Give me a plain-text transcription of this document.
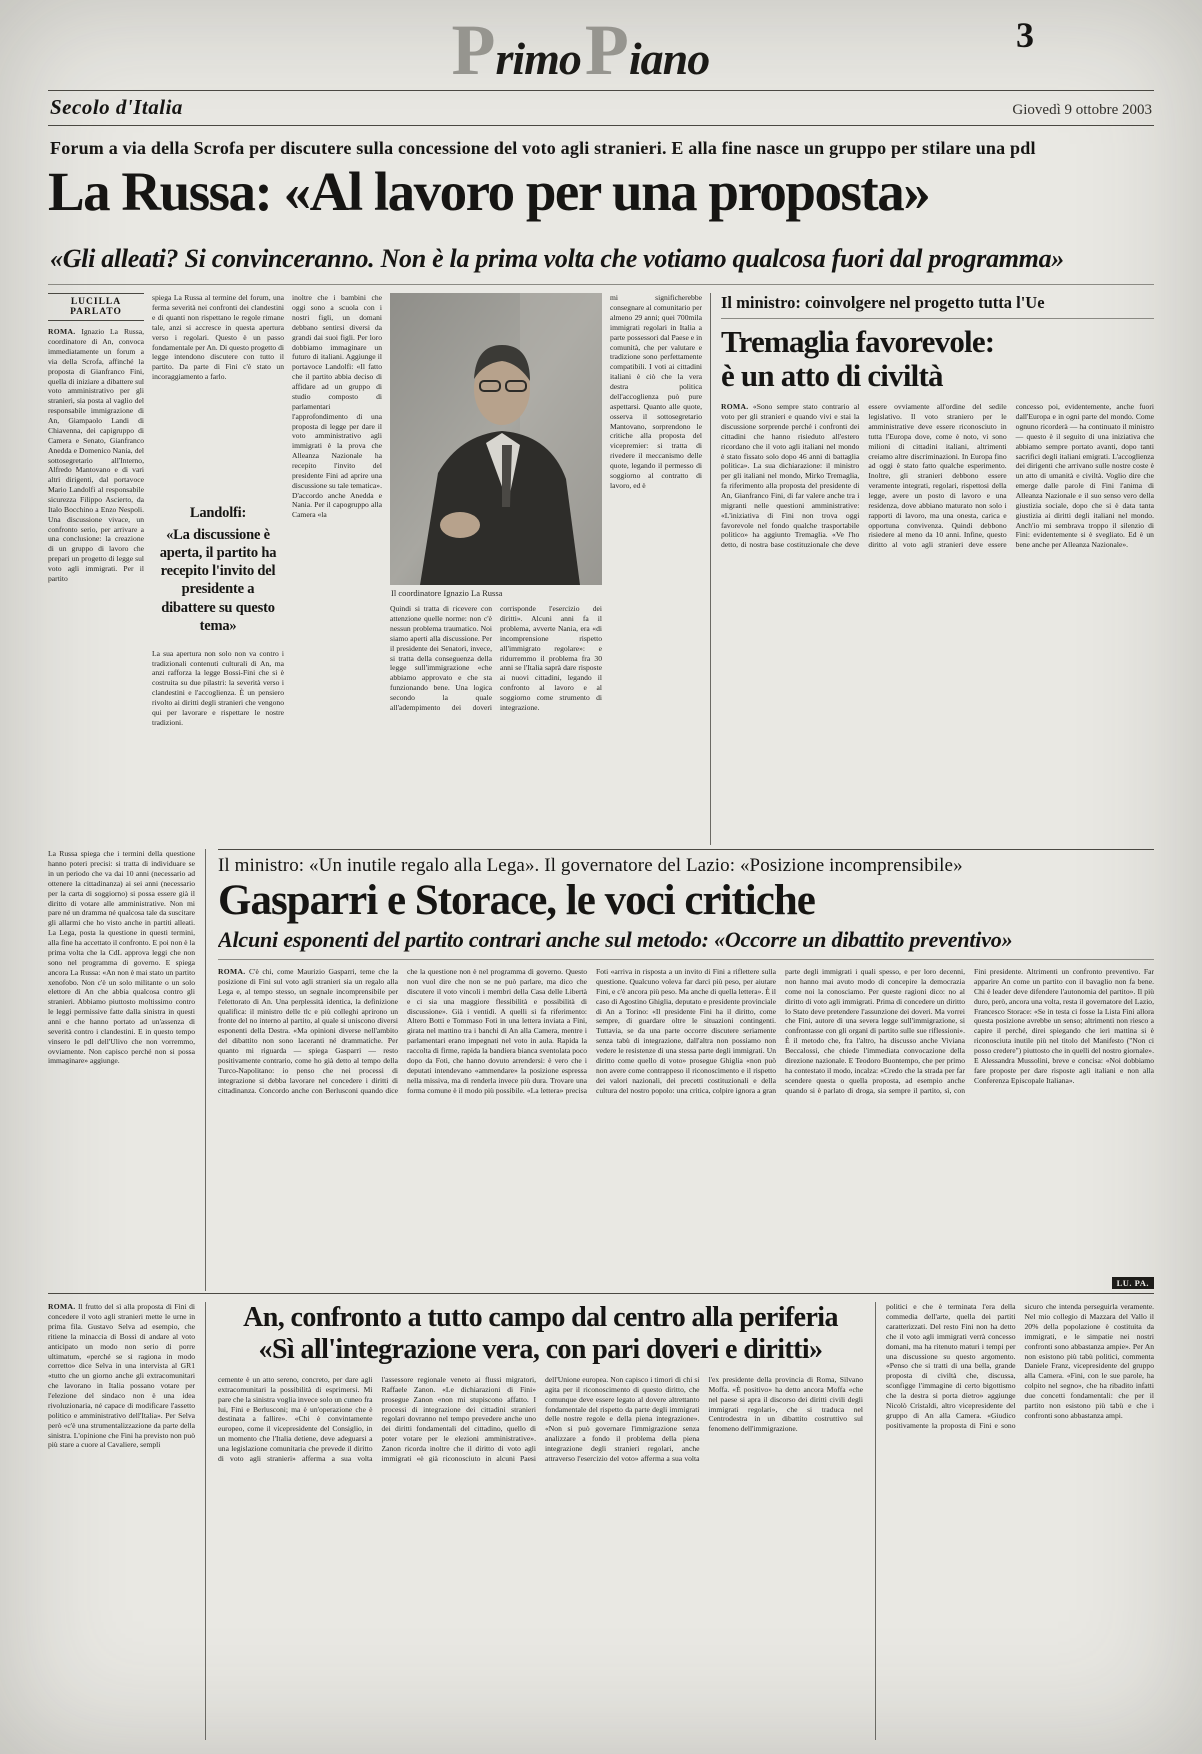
Primo Piano	3
Secolo d'Italia	Giovedì 9 ottobre 2003
Forum a via della Scrofa per discutere sulla concessione del voto agli stranieri. E alla fine nasce un gruppo per stilare una pdl
La Russa: «Al lavoro per una proposta»
«Gli alleati? Si convinceranno. Non è la prima volta che votiamo qualcosa fuori dal programma»
LUCILLA PARLATO
ROMA. Ignazio La Russa, coordinatore di An, convoca immediatamente un forum a via della Scrofa, affinché la proposta di Gianfranco Fini, quella di iniziare a dibattere sul voto amministrativo per gli stranieri, sia posta al vaglio del responsabile immigrazione di An, Giampaolo Landi di Chiavenna, dei capigruppo di Camera e Senato, Gianfranco Anedda e Domenico Nania, del sottosegretario all'Interno, Alfredo Mantovano e di vari altri dirigenti, dal portavoce Mario Landolfi al responsabile sicurezza Filippo Ascierto, da Italo Bocchino a Enzo Nespoli. Una discussione vivace, un confronto serio, per arrivare a una conclusione: la creazione di un gruppo di lavoro che prepari un progetto di legge sul voto agli immigrati. Per il partito
spiega La Russa al termine del forum, una ferma severità nei confronti dei clandestini e di quanti non rispettano le regole rimane tale, anzi si accresce in questa apertura verso i regolari. Questo è un passo fondamentale per An. Di questo progetto di legge intendono discutere con tutto il partito. Da parte di Fini c'è stato un incoraggiamento a farlo.
Landolfi:
«La discussione è aperta, il partito ha recepito l'invito del presidente a dibattere su questo tema»
La sua apertura non solo non va contro i tradizionali contenuti culturali di An, ma anzi rafforza la legge Bossi-Fini che si è costruita su due pilastri: la severità verso i clandestini e l'accoglienza. È un pensiero rivolto ai diritti degli stranieri che vengono qui per lavorare e rispettare le nostre tradizioni.
inoltre che i bambini che oggi sono a scuola con i nostri figli, un domani debbano sentirsi diversi da grandi dai suoi figli. Per loro dobbiamo immaginare un futuro di italiani. Aggiunge il portavoce Landolfi: «Il fatto che il partito abbia deciso di affidare ad un gruppo di studio composto di parlamentari l'approfondimento di una proposta di legge per dare il voto amministrativo agli immigrati è la prova che Alleanza Nazionale ha recepito l'invito del presidente Fini ad aprire una discussione su tale tematica». D'accordo anche Anedda e Nania. Per il capogruppo alla Camera «la
Il coordinatore Ignazio La Russa
Quindi si tratta di ricevere con attenzione quelle norme: non c'è nessun problema traumatico. Noi siamo aperti alla discussione. Per il presidente dei Senatori, invece, si tratta della conseguenza della legge sull'immigrazione «che abbiamo approvato e che sta funzionando bene. Una logica secondo la quale all'adempimento dei doveri corrisponde l'esercizio dei diritti». Alcuni anni fa il problema, avverte Nania, era «di incomprensione rispetto all'immigrato regolare»: e ridurremmo il problema fra 30 anni se l'Italia saprà dare risposte ai nuovi cittadini, legando il confronto al lavoro e al soggiorno come strumento di integrazione.
mi significherebbe consegnare al comunitario per almeno 29 anni; quei 700mila immigrati regolari in Italia a parte possessori dal Paese e in comunità, che per valutare e tradizione sono perfettamente compatibili. I voti ai cittadini italiani è ciò che la vera destra politica dell'accoglienza può pure aspettarsi. Quanto alle quote, osserva il sottosegretario Mantovano, sorprendono le critiche alla proposta del vicepremier: si tratta di rivedere il meccanismo delle quote, legando il permesso di soggiorno al contratto di lavoro, ed è
Il ministro: coinvolgere nel progetto tutta l'Ue
Tremaglia favorevole:
è un atto di civiltà
ROMA. «Sono sempre stato contrario al voto per gli stranieri e quando vivi e stai la discussione sorprende perché i confronti dei cittadini che hanno risieduto all'estero ricordano che il voto agli italiani nel mondo è stato fissato solo dopo 46 anni di battaglia politica». La sua dichiarazione: il ministro per gli italiani nel mondo, Mirko Tremaglia, fa riferimento alla proposta del presidente di An, Gianfranco Fini, di far valere anche tra i migranti nelle questioni amministrative: «L'iniziativa di Fini non trova oggi favorevole nel fondo qualche trasportabile politico» ha aggiunto Tremaglia. «Ve l'ho detto, di nostra base costituzionale che deve essere ovviamente all'ordine del sedile legislativo. Il voto straniero per le amministrative deve essere riconosciuto in tutta l'Europa dove, come è noto, vi sono milioni di cittadini italiani, altrimenti creiamo altre discriminazioni. In Europa fino ad oggi è stato fatto qualche esperimento. Inoltre, gli stranieri debbono essere veramente integrati, regolari, rispettosi della legge, avere un posto di lavoro e una residenza, dove abbiano maturato non solo i rapporti di lavoro, ma una onesta, carica e opportuna convivenza. Quindi debbono risiedere al meno da 10 anni. Infine, questo diritto al voto agli stranieri deve essere concesso poi, evidentemente, anche fuori dall'Europa e in ogni parte del mondo. Come ognuno ricorderà — ha continuato il ministro — questo è il seguito di una iniziativa che abbiamo sempre portato avanti, dopo tanti sacrifici degli italiani emigrati. L'accoglienza dei dirigenti che arrivano sulle nostre coste è un atto di umanità e civiltà. Voglio dire che emerge dalle parole di Fini l'anima di Alleanza Nazionale e il suo senso vero della giustizia sociale, dopo che si è data tanta giustizia ai diritti degli italiani nel mondo. Anch'io mi sembrava troppo il silenzio di Fini: evidentemente si è svegliato. Ed è un bene anche per Alleanza Nazionale».
La Russa spiega che i termini della questione hanno poteri precisi: si tratta di individuare se in un periodo che va dai 10 anni (necessario ad ottenere la cittadinanza) ai sei anni (necessario per la carta di soggiorno) si possa essere già il diritto di votare alle amministrative. Non mi pare né un dramma né qualcosa tale da suscitare gli allarmi che ho visto anche in partiti alleati. La Lega, posta la questione in questi termini, alla fine ha accettato il confronto. E poi non è la prima volta che la CdL approva leggi che non sono nel programma di governo. E spiega ancora La Russa: «An non è mai stato un partito xenofobo. Non c'è un solo militante o un solo elettore di An che abbia qualcosa contro gli stranieri. Abbiamo piuttosto moltissimo contro le leggi permissive fatte dalla sinistra in questi anni e che hanno portato ad un'assenza di severità contro i clandestini. E in questo tempo vinsero le pdl dell'Ulivo che non vorremmo, ovviamente. Non capisco perché non si possa immaginare» aggiunge.
Il ministro: «Un inutile regalo alla Lega». Il governatore del Lazio: «Posizione incomprensibile»
Gasparri e Storace, le voci critiche
Alcuni esponenti del partito contrari anche sul metodo: «Occorre un dibattito preventivo»
ROMA. C'è chi, come Maurizio Gasparri, teme che la posizione di Fini sul voto agli stranieri sia un regalo alla Lega e, al tempo stesso, un segnale incomprensibile per l'elettorato di An. Una perplessità identica, la definizione qualifica: il ministro delle tlc e più colleghi aprirono un fronte del no interno al partito, al quale si uniscono diversi esponenti della Destra. «Ma opinioni diverse nell'ambito del dibattito non sono laceranti né drammatiche. Per quanto mi riguarda — spiega Gasparri — resto positivamente contrario, come ho già detto al tempo della Turco-Napolitano: io penso che nei processi di integrazione si debba lavorare nel concedere i diritti di cittadinanza. Concordo anche con Berlusconi quando dice che la questione non è nel programma di governo. Questo non vuol dire che non se ne può parlare, ma dico che discutere il voto vincoli i membri della Casa delle Libertà e ci sia una maggiore flessibilità e possibilità di discussione». Già i ventidì. A quelli si fa riferimento: Altero Botti e Tommaso Foti in una lettera inviata a Fini, girata nel mattino tra i banchi di An alla Camera, mentre i parlamentari erano impegnati nel voto in aula. Rapida la raccolta di firme, rapida la bandiera bianca sventolata poco dopo da Foti, che hanno dovuto arrendersi: è vero che i deputati intendevano «ammendare» la posizione espressa nella missiva, ma di renderla invece più dura. Trovare una forma comune è il modo più possibile. «La lettera» precisa Foti «arriva in risposta a un invito di Fini a riflettere sulla questione. Qualcuno voleva far darci più peso, per aiutare Fini, e c'è ancora più peso. Ma anche di quella lettera». È il caso di Agostino Ghiglia, deputato e presidente provinciale di An a Torino: «Il presidente Fini ha il diritto, come sempre, di guardare oltre le situazioni contingenti. Tuttavia, se da una parte occorre discutere seriamente senza tabù di integrazione, dall'altra non possiamo non vedere le resistenze di una stessa parte degli immigrati. Un diritto come quello di voto» prosegue Ghiglia «non può non avere come contrappeso il riconoscimento e il rispetto dei valori nazionali, dei precetti costituzionali e della cultura del nostro popolo: una critica, colpire ignora a gran parte degli immigrati i quali spesso, e per loro decenni, non hanno mai avuto modo di concepire la democrazia come noi la conosciamo. Per queste ragioni dico: no al diritto di voto agli immigrati. Prima di concedere un diritto lo Stato deve pretendere l'assunzione dei doveri. Ma vorrei che Fini, autore di una severa legge sull'immigrazione, si confrontasse con gli organi di partito sulle sue riflessioni». È il metodo che, fra l'altro, ha discusso anche Viviana Beccalossi, che chiede l'immediata convocazione della direzione nazionale. E Teodoro Buontempo, che per primo ha contestato il modo, incalza: «Credo che la strada per far scendere questa o quella proposta, ad esempio anche quando si è parlato di droga, sia sempre il partito, sì, con Fini presidente. Altrimenti un confronto preventivo. Far apparire An come un partito con il bavaglio non fa bene. Chi è leader deve difendere l'autonomia del partito». Il più duro, però, ancora una volta, resta il governatore del Lazio, Francesco Storace: «Se in testa ci fosse la Lista Fini allora questa posizione avrebbe un senso; altrimenti non riesco a capire il perché, direi spiegando che ieri mattina si è riconosciuta inutile più nel titolo del Manifesto ("Non ci posso credere") piuttosto che in quelli del nostro giornale». E Alessandra Mussolini, breve e concisa: «Noi dobbiamo fare proposte per dare risposte agli italiani e non alla Conferenza Episcopale Italiana».
LU. PA.
ROMA. Il frutto del sì alla proposta di Fini di concedere il voto agli stranieri mette le urne in prima fila. Gustavo Selva ad esempio, che ritiene la minaccia di Bossi di andare al voto anticipato un modo non serio di porre ultimatum, «perché se si ragiona in modo corretto» dice Selva in una intervista al GR1 «tutto che un giorno anche gli extracomunitari che lavorano in Italia possano votare per l'elezione del sindaco non è una idea rivoluzionaria, né capace di modificare l'assetto politico e amministrativo dell'Italia». Per Selva però «c'è una strumentalizzazione da parte della sinistra. L'opinione che Fini ha previsto non può più stare a cuore al Cavaliere, sempli
An, confronto a tutto campo dal centro alla periferia
«Sì all'integrazione vera, con pari doveri e diritti»
cemente è un atto sereno, concreto, per dare agli extracomunitari la possibilità di esprimersi. Mi pare che la sinistra voglia invece solo un cuneo fra lui, Fini e Berlusconi; ma è un'operazione che è destinata a fallire». «Chi è convintamente europeo, come il vicepresidente del Consiglio, in un momento che l'Italia detiene, deve adeguarsi a una legislazione comunitaria che prevede il diritto di voto agli stranieri» afferma a sua volta l'assessore regionale veneto ai flussi migratori, Raffaele Zanon. «Le dichiarazioni di Fini» prosegue Zanon «non mi stupiscono affatto. I processi di integrazione dei cittadini stranieri regolari dovranno nel tempo prevedere anche uno dei diritti fondamentali del cittadino, quello di poter votare per le elezioni amministrative». Zanon ricorda inoltre che il diritto di voto agli immigrati «è già riconosciuto in alcuni Paesi dell'Unione europea. Non capisco i timori di chi si agita per il riconoscimento di questo diritto, che comunque deve essere legato al dovere altrettanto fondamentale del rispetto da parte degli immigrati delle nostre regole e della piena integrazione». «Non si può governare l'immigrazione senza analizzare a fondo il problema della piena integrazione degli stranieri regolari, anche attraverso l'esercizio del voto» afferma a sua volta l'ex presidente della provincia di Roma, Silvano Moffa. «È positivo» ha detto ancora Moffa «che nel paese si apra il discorso dei diritti civili degli immigrati regolari», che si traduca nel Centrodestra in un dibattito costruttivo sul fenomeno dell'immigrazione.
politici e che è terminata l'era della commedia dell'arte, quella dei partiti caratterizzati. Del resto Fini non ha detto che il voto agli immigrati verrà concesso domani, ma ha ritenuto maturi i tempi per una discussione su questo argomento. «Penso che si tratti di una bella, grande proposta di civiltà che, discussa, sconfigge l'immagine di certo bigottismo che la destra si porta dietro» aggiunge Nicolò Cristaldi, altro vicepresidente del gruppo di An alla Camera. «Giudico positivamente la proposta di Fini e sono sicuro che intenda perseguirla veramente. Nel mio collegio di Mazzara del Vallo il 20% della popolazione è costituita da immigrati, e le simpatie nei nostri confronti sono abbastanza ampie». Per An non esistono più tabù politici, commenta Daniele Franz, vicepresidente del gruppo alla Camera. «Fini, con le sue parole, ha colpito nel segno», che ha ribadito infatti due concetti fondamentali: che per il partito non esistono più tabù e che i confronti sono abbastanza ampi.
